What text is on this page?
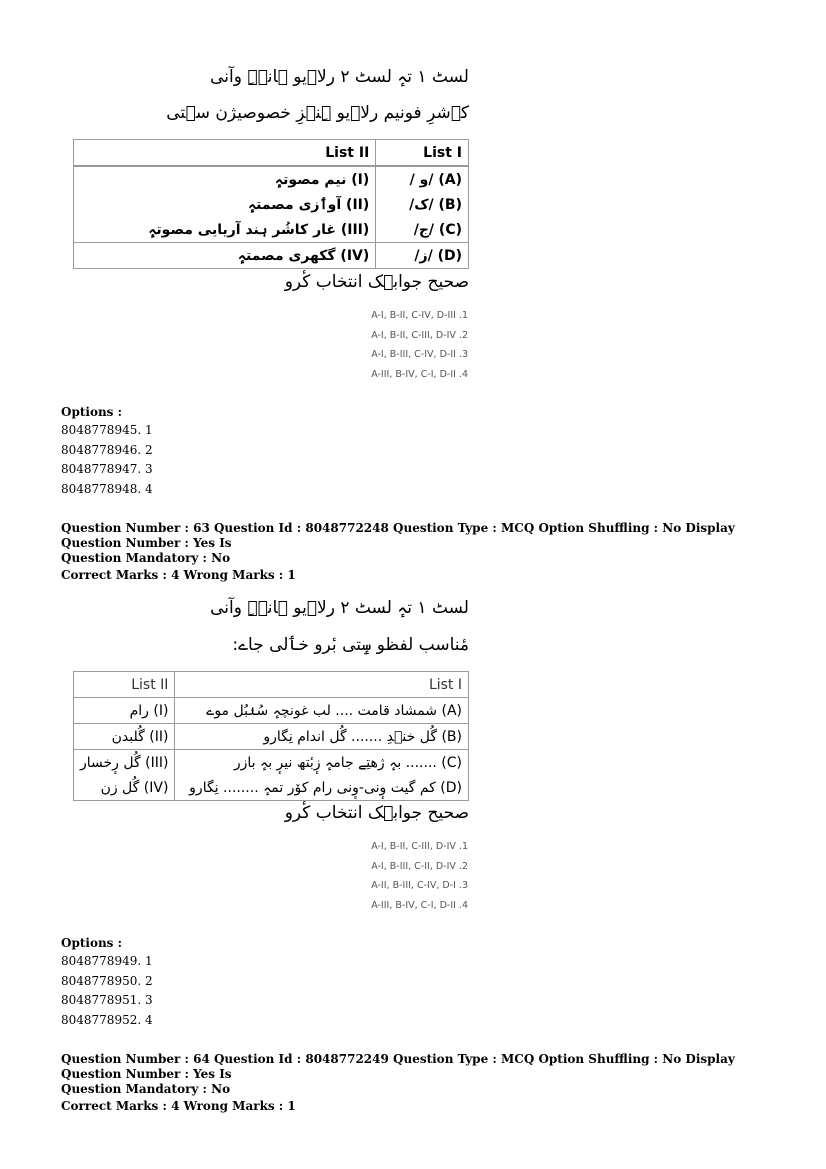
لسٹ ۱ تہٕ لسٹ ۲ رلاٲیو ہانٛہِ وآنی
کٲشرِ فونیم رلاٲیو ہِنٛزِ خصوصیژن سٟتی
List II	List I
(I) نیم مصوتہٕ	(A) /و /
(II) آوٲزی مصمتہٕ	(B) /ک/
(III) غار کاشُر ہند آریایی مصوتہٕ	(C) /ج/
(IV) گکھری مصمتہٕ	(D) /ز/
صحیح جواب٘ک انتخاب کٔرو
A-I, B-II, C-IV, D-III .1
A-I, B-II, C-III, D-IV .2
A-I, B-III, C-IV, D-II .3
A-III, B-IV, C-I, D-II .4
Options :
8048778945. 1
8048778946. 2
8048778947. 3
8048778948. 4
Question Number : 63 Question Id : 8048772248 Question Type : MCQ Option Shuffling : No Display Question Number : Yes Is
Question Mandatory : No
Correct Marks : 4 Wrong Marks : 1
لسٹ ۱ تہٕ لسٹ ۲ رلاٲیو ہانٛہِ وآنی
مٔناسب لفظو سٟتی بٔرو خٲلی جاے:
List II	List I
(I) رام	(A) شمشاد قامت .... لب غونچہٕ سُنٛبُل موے
(II) گُلبدن	(B) گُل خنٛدِ ....... گُل اندام نِگارو
(III) گُل رٕخسار	(C) ....... بہٕ ژھتِے جامہٕ زٕبٔتھ نیرٕ بہٕ بازر
(IV) گُل زن	(D) کم گیت وٕنی-وٕنی رام کوٚر تمہٕ ........ نِگارو
صحیح جواب٘ک انتخاب کٔرو
A-I, B-II, C-III, D-IV .1
A-I, B-III, C-II, D-IV .2
A-II, B-III, C-IV, D-I .3
A-III, B-IV, C-I, D-II .4
Options :
8048778949. 1
8048778950. 2
8048778951. 3
8048778952. 4
Question Number : 64 Question Id : 8048772249 Question Type : MCQ Option Shuffling : No Display Question Number : Yes Is
Question Mandatory : No
Correct Marks : 4 Wrong Marks : 1
